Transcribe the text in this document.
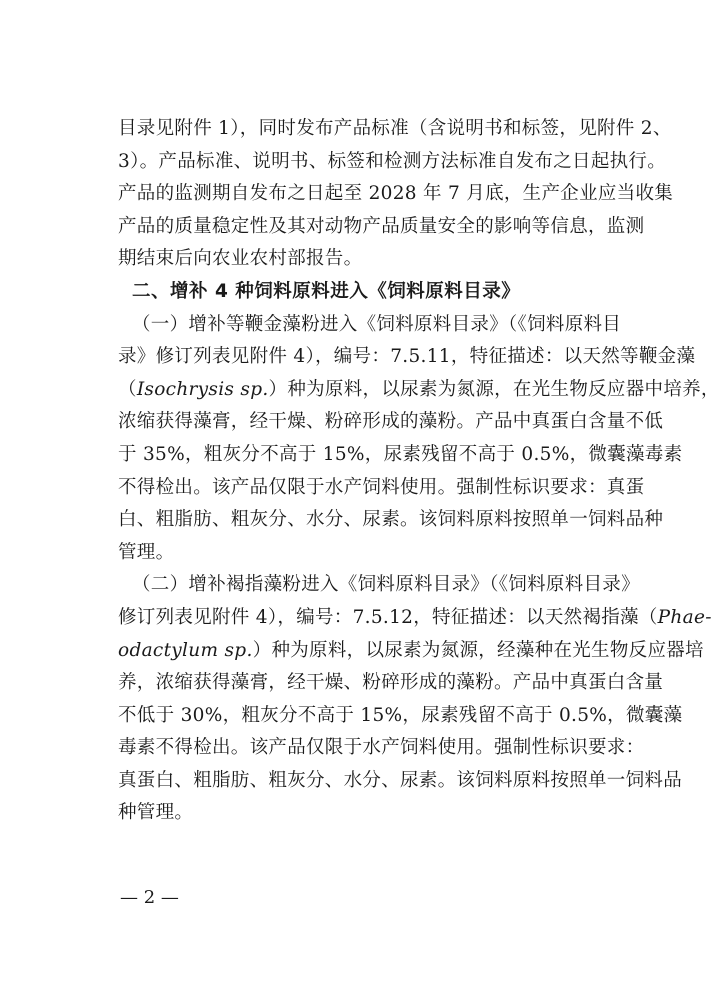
目录见附件 1），同时发布产品标准（含说明书和标签，见附件 2、
3）。产品标准、说明书、标签和检测方法标准自发布之日起执行。
产品的监测期自发布之日起至 2028 年 7 月底，生产企业应当收集
产品的质量稳定性及其对动物产品质量安全的影响等信息，监测
期结束后向农业农村部报告。
二、增补 4 种饲料原料进入《饲料原料目录》
（一）增补等鞭金藻粉进入《饲料原料目录》（《饲料原料目
录》修订列表见附件 4），编号：7.5.11，特征描述：以天然等鞭金藻
（Isochrysis sp.）种为原料，以尿素为氮源，在光生物反应器中培养，
浓缩获得藻膏，经干燥、粉碎形成的藻粉。产品中真蛋白含量不低
于 35%，粗灰分不高于 15%，尿素残留不高于 0.5%，微囊藻毒素
不得检出。该产品仅限于水产饲料使用。强制性标识要求：真蛋
白、粗脂肪、粗灰分、水分、尿素。该饲料原料按照单一饲料品种
管理。
（二）增补褐指藻粉进入《饲料原料目录》（《饲料原料目录》
修订列表见附件 4），编号：7.5.12，特征描述：以天然褐指藻（Phae-
odactylum sp.）种为原料，以尿素为氮源，经藻种在光生物反应器培
养，浓缩获得藻膏，经干燥、粉碎形成的藻粉。产品中真蛋白含量
不低于 30%，粗灰分不高于 15%，尿素残留不高于 0.5%，微囊藻
毒素不得检出。该产品仅限于水产饲料使用。强制性标识要求：
真蛋白、粗脂肪、粗灰分、水分、尿素。该饲料原料按照单一饲料品
种管理。
— 2 —
